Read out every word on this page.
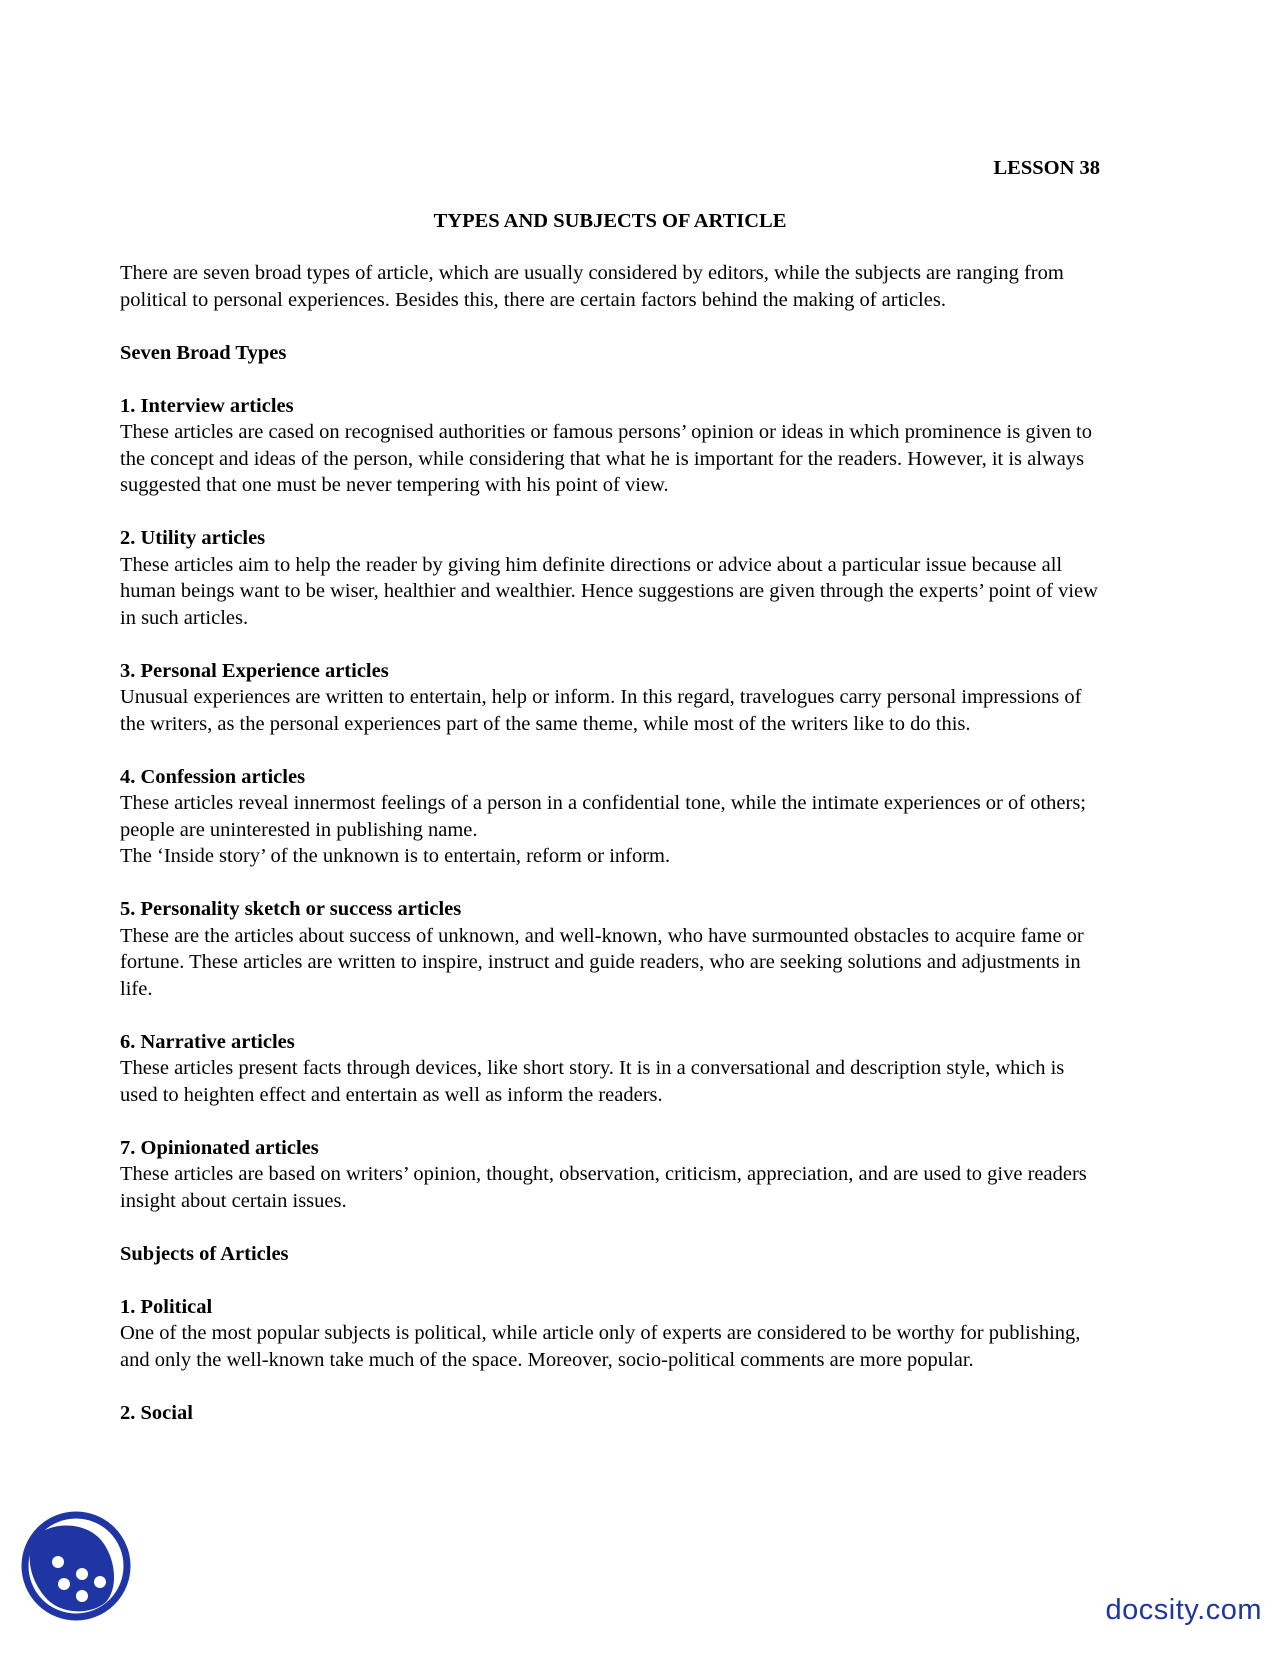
LESSON 38

TYPES AND SUBJECTS OF ARTICLE

There are seven broad types of article, which are usually considered by editors, while the subjects are ranging from political to personal experiences. Besides this, there are certain factors behind the making of articles.

Seven Broad Types

1. Interview articles

These articles are cased on recognised authorities or famous persons’ opinion or ideas in which prominence is given to the concept and ideas of the person, while considering that what he is important for the readers. However, it is always suggested that one must be never tempering with his point of view.

2. Utility articles

These articles aim to help the reader by giving him definite directions or advice about a particular issue because all human beings want to be wiser, healthier and wealthier. Hence suggestions are given through the experts’ point of view in such articles.

3. Personal Experience articles

Unusual experiences are written to entertain, help or inform. In this regard, travelogues carry personal impressions of the writers, as the personal experiences part of the same theme, while most of the writers like to do this.

4. Confession articles

These articles reveal innermost feelings of a person in a confidential tone, while the intimate experiences or of others; people are uninterested in publishing name.

The ‘Inside story’ of the unknown is to entertain, reform or inform.

5. Personality sketch or success articles

These are the articles about success of unknown, and well-known, who have surmounted obstacles to acquire fame or fortune. These articles are written to inspire, instruct and guide readers, who are seeking solutions and adjustments in life.

6. Narrative articles

These articles present facts through devices, like short story. It is in a conversational and description style, which is used to heighten effect and entertain as well as inform the readers.

7. Opinionated articles

These articles are based on writers’ opinion, thought, observation, criticism, appreciation, and are used to give readers insight about certain issues.

Subjects of Articles

1. Political

One of the most popular subjects is political, while article only of experts are considered to be worthy for publishing, and only the well-known take much of the space. Moreover, socio-political comments are more popular.

2. Social

docsity.com
